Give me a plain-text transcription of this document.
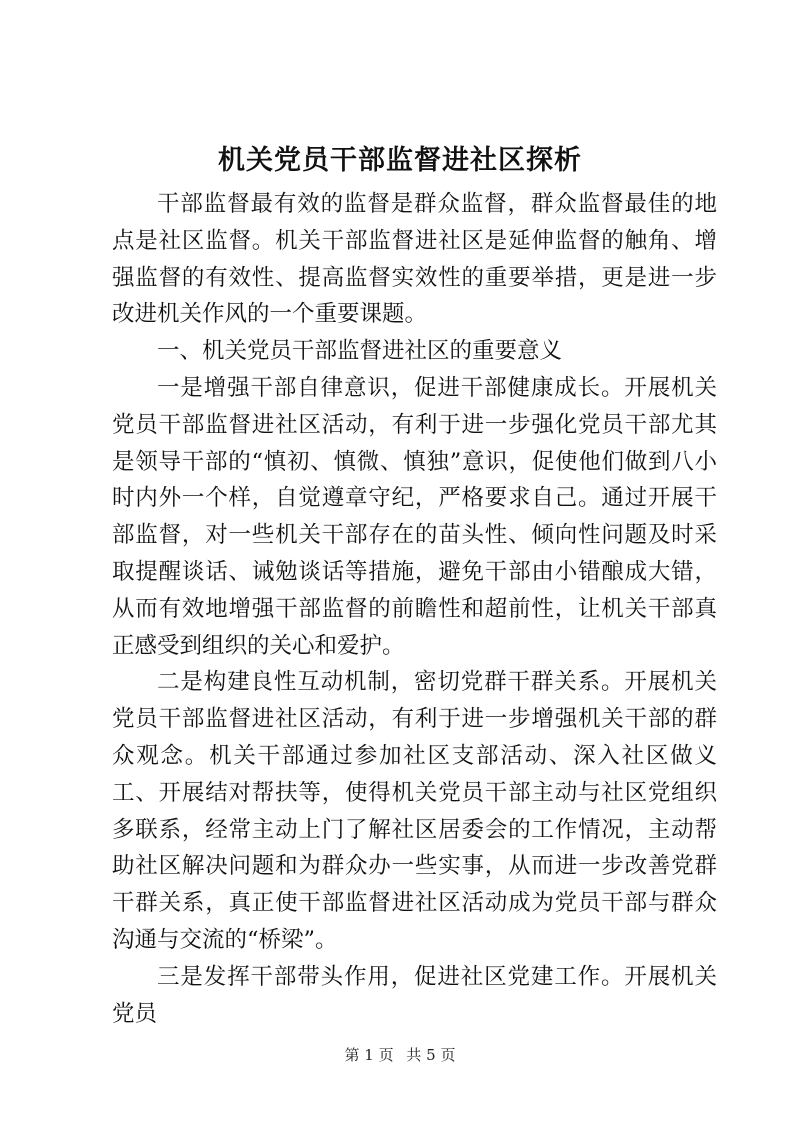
机关党员干部监督进社区探析

干部监督最有效的监督是群众监督，群众监督最佳的地点是社区监督。机关干部监督进社区是延伸监督的触角、增强监督的有效性、提高监督实效性的重要举措，更是进一步改进机关作风的一个重要课题。

一、机关党员干部监督进社区的重要意义

一是增强干部自律意识，促进干部健康成长。开展机关党员干部监督进社区活动，有利于进一步强化党员干部尤其是领导干部的“慎初、慎微、慎独”意识，促使他们做到八小时内外一个样，自觉遵章守纪，严格要求自己。通过开展干部监督，对一些机关干部存在的苗头性、倾向性问题及时采取提醒谈话、诫勉谈话等措施，避免干部由小错酿成大错，从而有效地增强干部监督的前瞻性和超前性，让机关干部真正感受到组织的关心和爱护。

二是构建良性互动机制，密切党群干群关系。开展机关党员干部监督进社区活动，有利于进一步增强机关干部的群众观念。机关干部通过参加社区支部活动、深入社区做义工、开展结对帮扶等，使得机关党员干部主动与社区党组织多联系，经常主动上门了解社区居委会的工作情况，主动帮助社区解决问题和为群众办一些实事，从而进一步改善党群干群关系，真正使干部监督进社区活动成为党员干部与群众沟通与交流的“桥梁”。

三是发挥干部带头作用，促进社区党建工作。开展机关党员

第 1 页 共 5 页
